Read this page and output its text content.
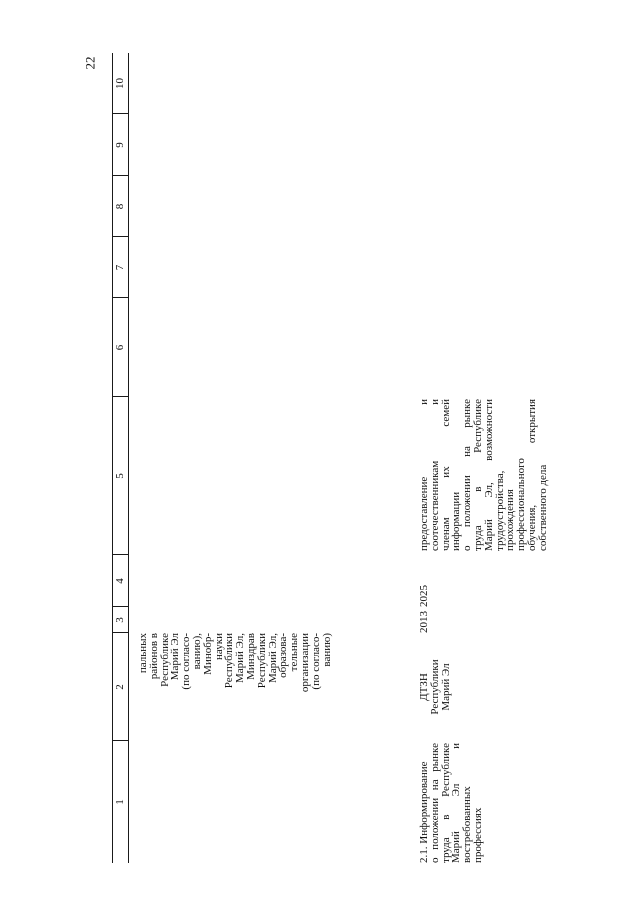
22
1
2
3
4
5
6
7
8
9
10
пальных
районов в
Республике
Марий Эл
(по согласо-
ванию),
Минобр-
науки
Республики
Марий Эл,
Минздрав
Республики
Марий Эл,
образова-
тельные
организации
(по согласо-
ванию)
2.1. Информирование
о положении на рынке
труда в Республике
Марий Эл и
востребованных
профессиях
ДТЗН
Республики
Марий Эл
2013
2025
предоставление и
соотечественникам и
членам их семей
информации
о положении на рынке
труда в Республике
Марий Эл, возможности
трудоустройства,
прохождения
профессионального
обучения, открытия
собственного дела
